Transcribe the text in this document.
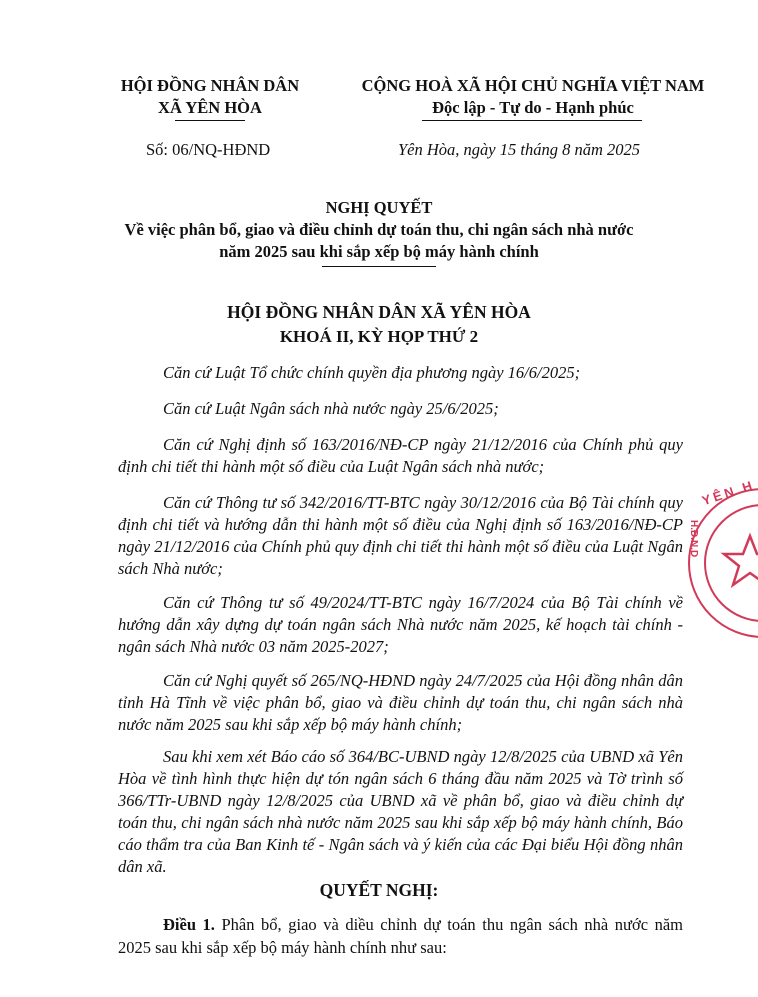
HỘI ĐỒNG NHÂN DÂN
XÃ YÊN HÒA
Số: 06/NQ-HĐND
CỘNG HOÀ XÃ HỘI CHỦ NGHĨA VIỆT NAM
Độc lập - Tự do - Hạnh phúc
Yên Hòa, ngày 15 tháng 8 năm 2025
NGHỊ QUYẾT
Về việc phân bổ, giao và điều chỉnh dự toán thu, chi ngân sách nhà nước
năm 2025 sau khi sắp xếp bộ máy hành chính
HỘI ĐỒNG NHÂN DÂN XÃ YÊN HÒA
KHOÁ II, KỲ HỌP THỨ 2
Căn cứ Luật Tổ chức chính quyền địa phương ngày 16/6/2025;
Căn cứ Luật Ngân sách nhà nước ngày 25/6/2025;
Căn cứ Nghị định số 163/2016/NĐ-CP ngày 21/12/2016 của Chính phủ quy định chi tiết thi hành một số điều của Luật Ngân sách nhà nước;
Căn cứ Thông tư số 342/2016/TT-BTC ngày 30/12/2016 của Bộ Tài chính quy định chi tiết và hướng dẫn thi hành một số điều của Nghị định số 163/2016/NĐ-CP ngày 21/12/2016 của Chính phủ quy định chi tiết thi hành một số điều của Luật Ngân sách Nhà nước;
Căn cứ Thông tư số 49/2024/TT-BTC ngày 16/7/2024 của Bộ Tài chính về hướng dẫn xây dựng dự toán ngân sách Nhà nước năm 2025, kế hoạch tài chính - ngân sách Nhà nước 03 năm 2025-2027;
Căn cứ Nghị quyết số 265/NQ-HĐND ngày 24/7/2025 của Hội đồng nhân dân tỉnh Hà Tĩnh về việc phân bổ, giao và điều chỉnh dự toán thu, chi ngân sách nhà nước năm 2025 sau khi sắp xếp bộ máy hành chính;
Sau khi xem xét Báo cáo số 364/BC-UBND ngày 12/8/2025 của UBND xã Yên Hòa về tình hình thực hiện dự tón ngân sách 6 tháng đầu năm 2025 và Tờ trình số 366/TTr-UBND ngày 12/8/2025 của UBND xã về phân bổ, giao và điều chỉnh dự toán thu, chi ngân sách nhà nước năm 2025 sau khi sắp xếp bộ máy hành chính, Báo cáo thẩm tra của Ban Kinh tế - Ngân sách và ý kiến của các Đại biểu Hội đồng nhân dân xã.
QUYẾT NGHỊ:
Điều 1. Phân bổ, giao và diều chỉnh dự toán thu ngân sách nhà nước năm 2025 sau khi sắp xếp bộ máy hành chính như sau:
YÊN H
H.Đ.N.D
